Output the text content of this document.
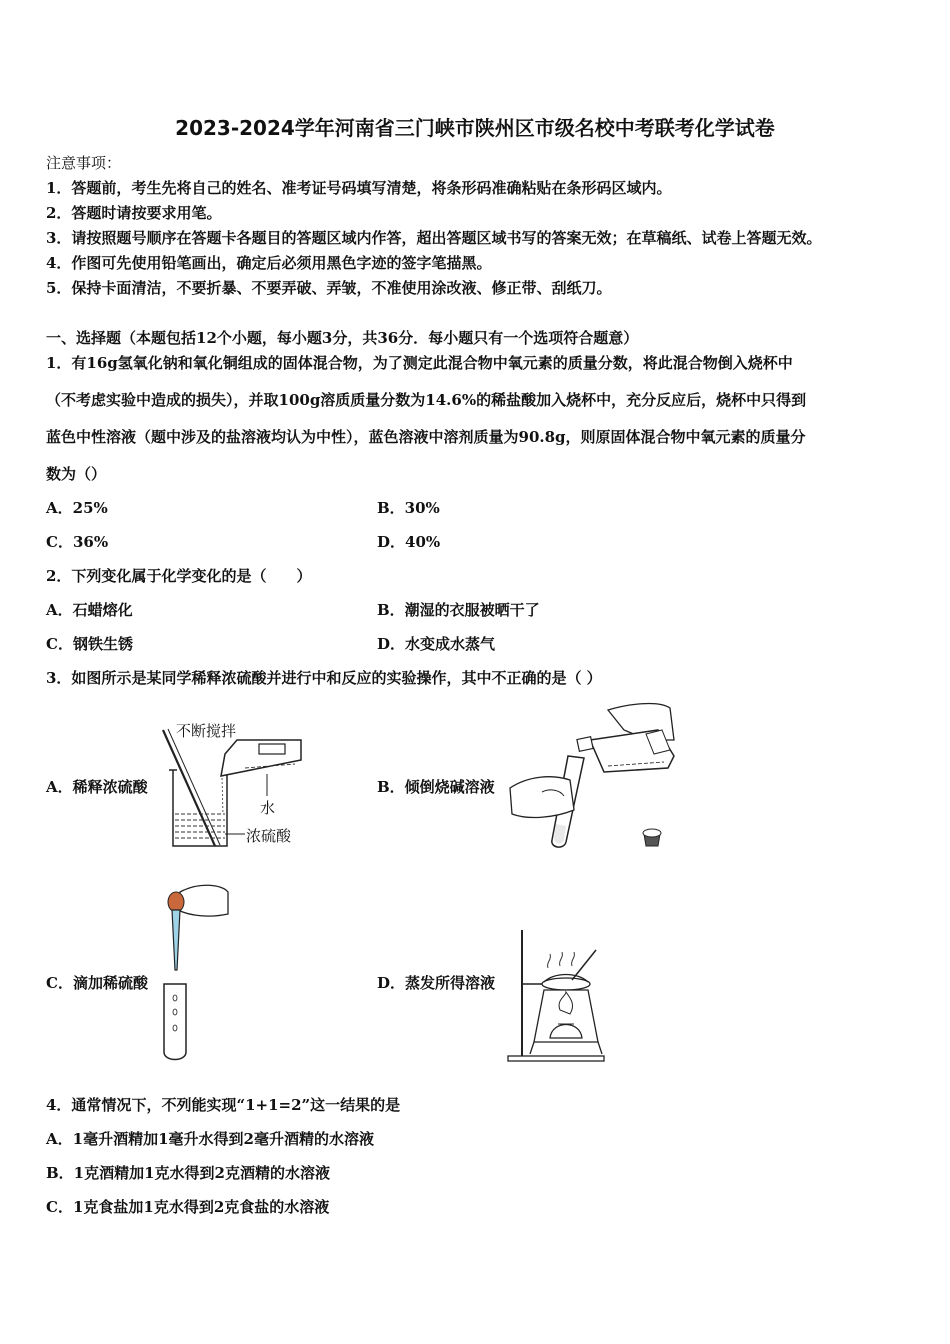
2023-2024学年河南省三门峡市陕州区市级名校中考联考化学试卷
注意事项：
1．答题前，考生先将自己的姓名、准考证号码填写清楚，将条形码准确粘贴在条形码区域内。
2．答题时请按要求用笔。
3．请按照题号顺序在答题卡各题目的答题区域内作答，超出答题区域书写的答案无效；在草稿纸、试卷上答题无效。
4．作图可先使用铅笔画出，确定后必须用黑色字迹的签字笔描黑。
5．保持卡面清洁，不要折暴、不要弄破、弄皱，不准使用涂改液、修正带、刮纸刀。
一、选择题（本题包括12个小题，每小题3分，共36分．每小题只有一个选项符合题意）
1．有16g氢氧化钠和氧化铜组成的固体混合物，为了测定此混合物中氧元素的质量分数，将此混合物倒入烧杯中
（不考虑实验中造成的损失），并取100g溶质质量分数为14.6%的稀盐酸加入烧杯中，充分反应后，烧杯中只得到
蓝色中性溶液（题中涉及的盐溶液均认为中性），蓝色溶液中溶剂质量为90.8g，则原固体混合物中氧元素的质量分
数为（）
A．25%	B．30%
C．36%	D．40%
2．下列变化属于化学变化的是（　　）
A．石蜡熔化	B．潮湿的衣服被晒干了
C．钢铁生锈	D．水变成水蒸气
3．如图所示是某同学稀释浓硫酸并进行中和反应的实验操作，其中不正确的是（ ）
A．稀释浓硫酸	B．倾倒烧碱溶液
C．滴加稀硫酸	D．蒸发所得溶液
不断搅拌
水
浓硫酸
4．通常情况下，不列能实现“1+1=2”这一结果的是
A．1毫升酒精加1毫升水得到2毫升酒精的水溶液
B．1克酒精加1克水得到2克酒精的水溶液
C．1克食盐加1克水得到2克食盐的水溶液
